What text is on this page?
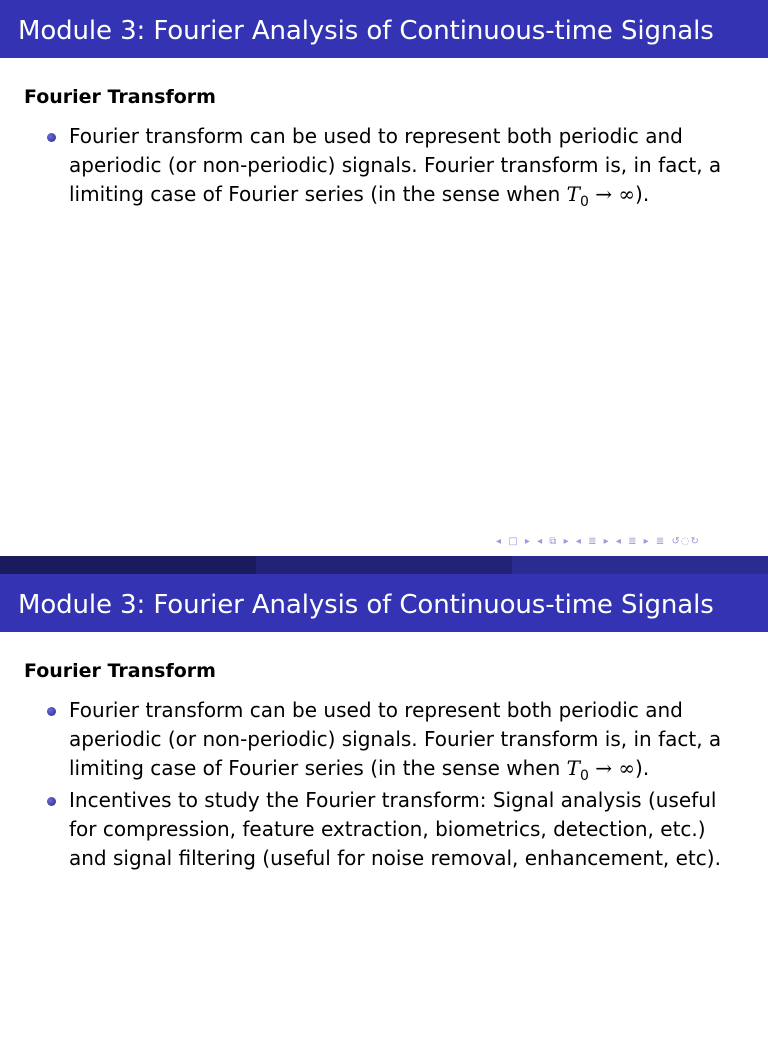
Module 3: Fourier Analysis of Continuous-time Signals
Fourier Transform
Fourier transform can be used to represent both periodic and aperiodic (or non-periodic) signals. Fourier transform is, in fact, a limiting case of Fourier series (in the sense when $T_0$ → ∞).
◂ □ ▸ ◂ ⧉ ▸ ◂ ≣ ▸ ◂ ≣ ▸ ≣ ↺◌↻
Module 3: Fourier Analysis of Continuous-time Signals
Fourier Transform
Fourier transform can be used to represent both periodic and aperiodic (or non-periodic) signals. Fourier transform is, in fact, a limiting case of Fourier series (in the sense when $T_0$ → ∞).
Incentives to study the Fourier transform: Signal analysis (useful for compression, feature extraction, biometrics, detection, etc.) and signal filtering (useful for noise removal, enhancement, etc).
